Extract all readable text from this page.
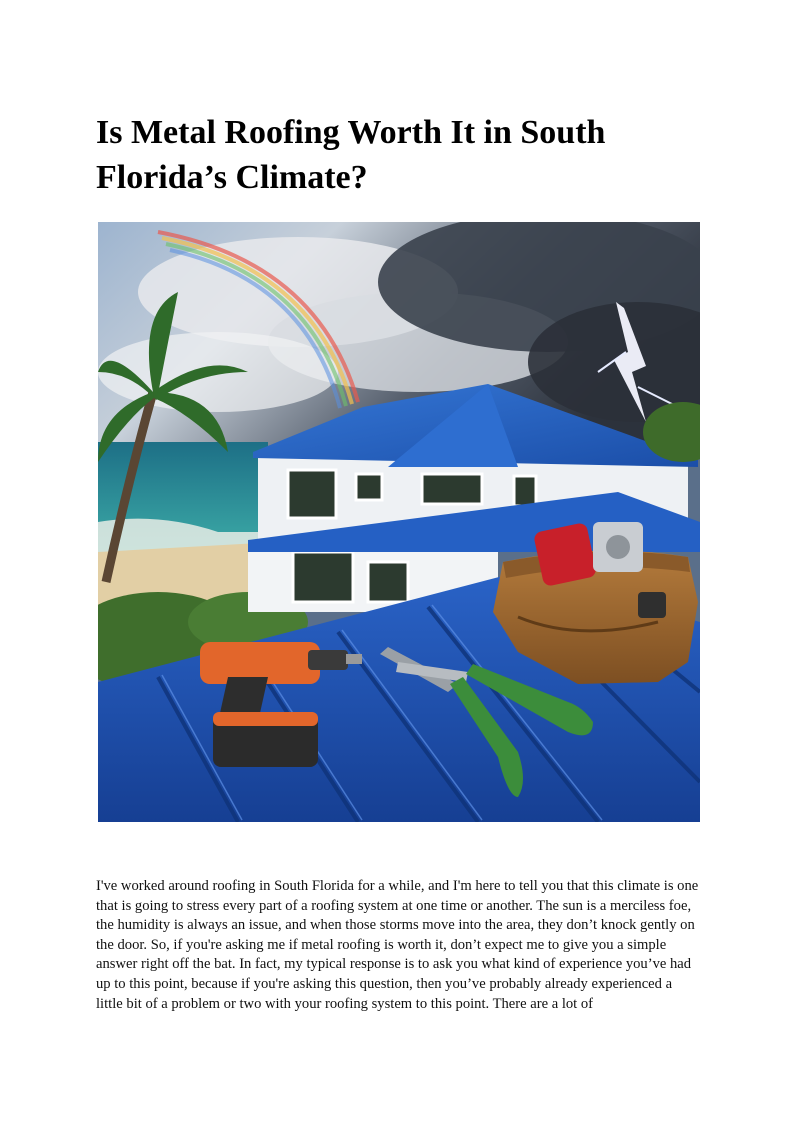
Is Metal Roofing Worth It in South Florida’s Climate?

I've worked around roofing in South Florida for a while, and I'm here to tell you that this climate is one that is going to stress every part of a roofing system at one time or another. The sun is a merciless foe, the humidity is always an issue, and when those storms move into the area, they don’t knock gently on the door. So, if you're asking me if metal roofing is worth it, don’t expect me to give you a simple answer right off the bat. In fact, my typical response is to ask you what kind of experience you’ve had up to this point, because if you're asking this question, then you’ve probably already experienced a little bit of a problem or two with your roofing system to this point. There are a lot of
